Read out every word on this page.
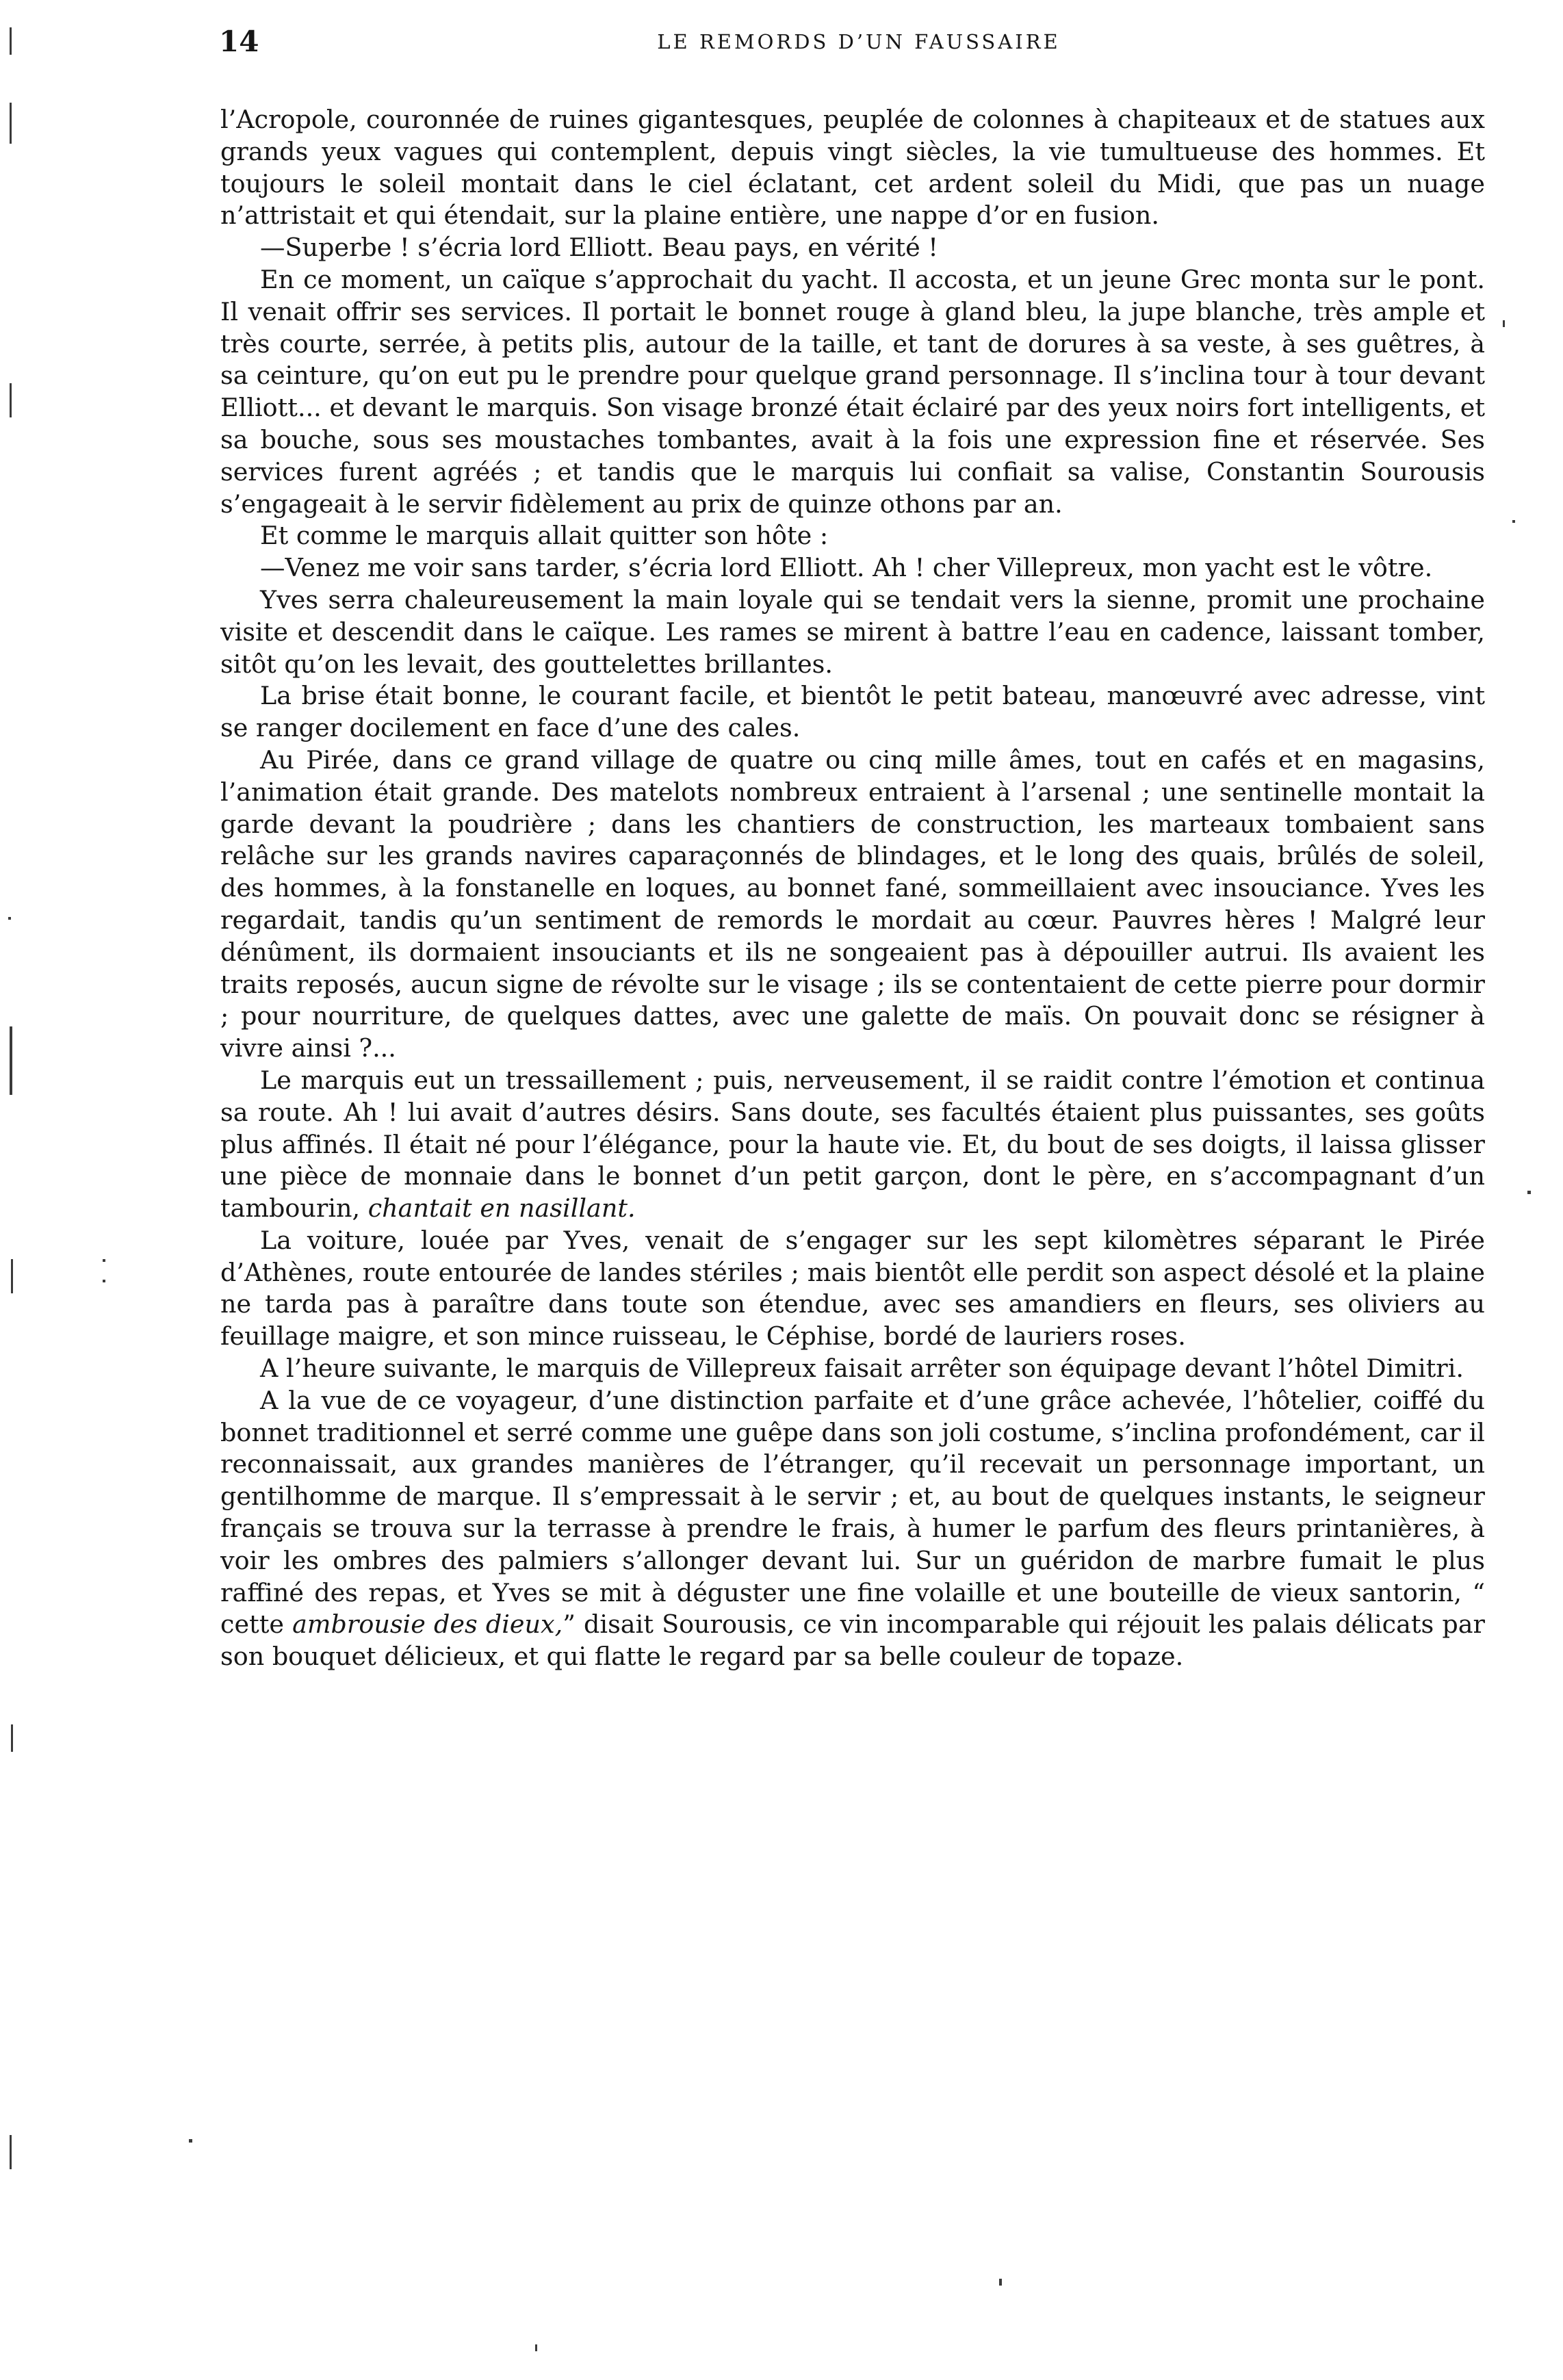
14	LE REMORDS D’UN FAUSSAIRE

l’Acropole, couronnée de ruines gigantesques, peuplée de colonnes à chapiteaux et de statues aux grands yeux vagues qui contemplent, depuis vingt siècles, la vie tumultueuse des hommes. Et toujours le soleil montait dans le ciel éclatant, cet ardent soleil du Midi, que pas un nuage n’attristait et qui étendait, sur la plaine entière, une nappe d’or en fusion.

—Superbe ! s’écria lord Elliott. Beau pays, en vérité !

En ce moment, un caïque s’approchait du yacht. Il accosta, et un jeune Grec monta sur le pont. Il venait offrir ses services. Il portait le bonnet rouge à gland bleu, la jupe blanche, très ample et très courte, serrée, à petits plis, autour de la taille, et tant de dorures à sa veste, à ses guêtres, à sa ceinture, qu’on eut pu le prendre pour quelque grand personnage. Il s’inclina tour à tour devant Elliott... et devant le marquis. Son visage bronzé était éclairé par des yeux noirs fort intelligents, et sa bouche, sous ses moustaches tombantes, avait à la fois une expression fine et réservée. Ses services furent agréés ; et tandis que le marquis lui confiait sa valise, Constantin Sourousis s’engageait à le servir fidèlement au prix de quinze othons par an.

Et comme le marquis allait quitter son hôte :

—Venez me voir sans tarder, s’écria lord Elliott. Ah ! cher Villepreux, mon yacht est le vôtre.

Yves serra chaleureusement la main loyale qui se tendait vers la sienne, promit une prochaine visite et descendit dans le caïque. Les rames se mirent à battre l’eau en cadence, laissant tomber, sitôt qu’on les levait, des gouttelettes brillantes.

La brise était bonne, le courant facile, et bientôt le petit bateau, manœuvré avec adresse, vint se ranger docilement en face d’une des cales.

Au Pirée, dans ce grand village de quatre ou cinq mille âmes, tout en cafés et en magasins, l’animation était grande. Des matelots nombreux entraient à l’arsenal ; une sentinelle montait la garde devant la poudrière ; dans les chantiers de construction, les marteaux tombaient sans relâche sur les grands navires caparaçonnés de blindages, et le long des quais, brûlés de soleil, des hommes, à la fonstanelle en loques, au bonnet fané, sommeillaient avec insouciance. Yves les regardait, tandis qu’un sentiment de remords le mordait au cœur. Pauvres hères ! Malgré leur dénûment, ils dormaient insouciants et ils ne songeaient pas à dépouiller autrui. Ils avaient les traits reposés, aucun signe de révolte sur le visage ; ils se contentaient de cette pierre pour dormir ; pour nourriture, de quelques dattes, avec une galette de maïs. On pouvait donc se résigner à vivre ainsi ?...

Le marquis eut un tressaillement ; puis, nerveusement, il se raidit contre l’émotion et continua sa route. Ah ! lui avait d’autres désirs. Sans doute, ses facultés étaient plus puissantes, ses goûts plus affinés. Il était né pour l’élégance, pour la haute vie. Et, du bout de ses doigts, il laissa glisser une pièce de monnaie dans le bonnet d’un petit garçon, dont le père, en s’accompagnant d’un tambourin, chantait en nasillant.

La voiture, louée par Yves, venait de s’engager sur les sept kilomètres séparant le Pirée d’Athènes, route entourée de landes stériles ; mais bientôt elle perdit son aspect désolé et la plaine ne tarda pas à paraître dans toute son étendue, avec ses amandiers en fleurs, ses oliviers au feuillage maigre, et son mince ruisseau, le Céphise, bordé de lauriers roses.

A l’heure suivante, le marquis de Villepreux faisait arrêter son équipage devant l’hôtel Dimitri.

A la vue de ce voyageur, d’une distinction parfaite et d’une grâce achevée, l’hôtelier, coiffé du bonnet traditionnel et serré comme une guêpe dans son joli costume, s’inclina profondément, car il reconnaissait, aux grandes manières de l’étranger, qu’il recevait un personnage important, un gentilhomme de marque. Il s’empressait à le servir ; et, au bout de quelques instants, le seigneur français se trouva sur la terrasse à prendre le frais, à humer le parfum des fleurs printanières, à voir les ombres des palmiers s’allonger devant lui. Sur un guéridon de marbre fumait le plus raffiné des repas, et Yves se mit à déguster une fine volaille et une bouteille de vieux santorin, “ cette ambrousie des dieux,” disait Sourousis, ce vin incomparable qui réjouit les palais délicats par son bouquet délicieux, et qui flatte le regard par sa belle couleur de topaze.
